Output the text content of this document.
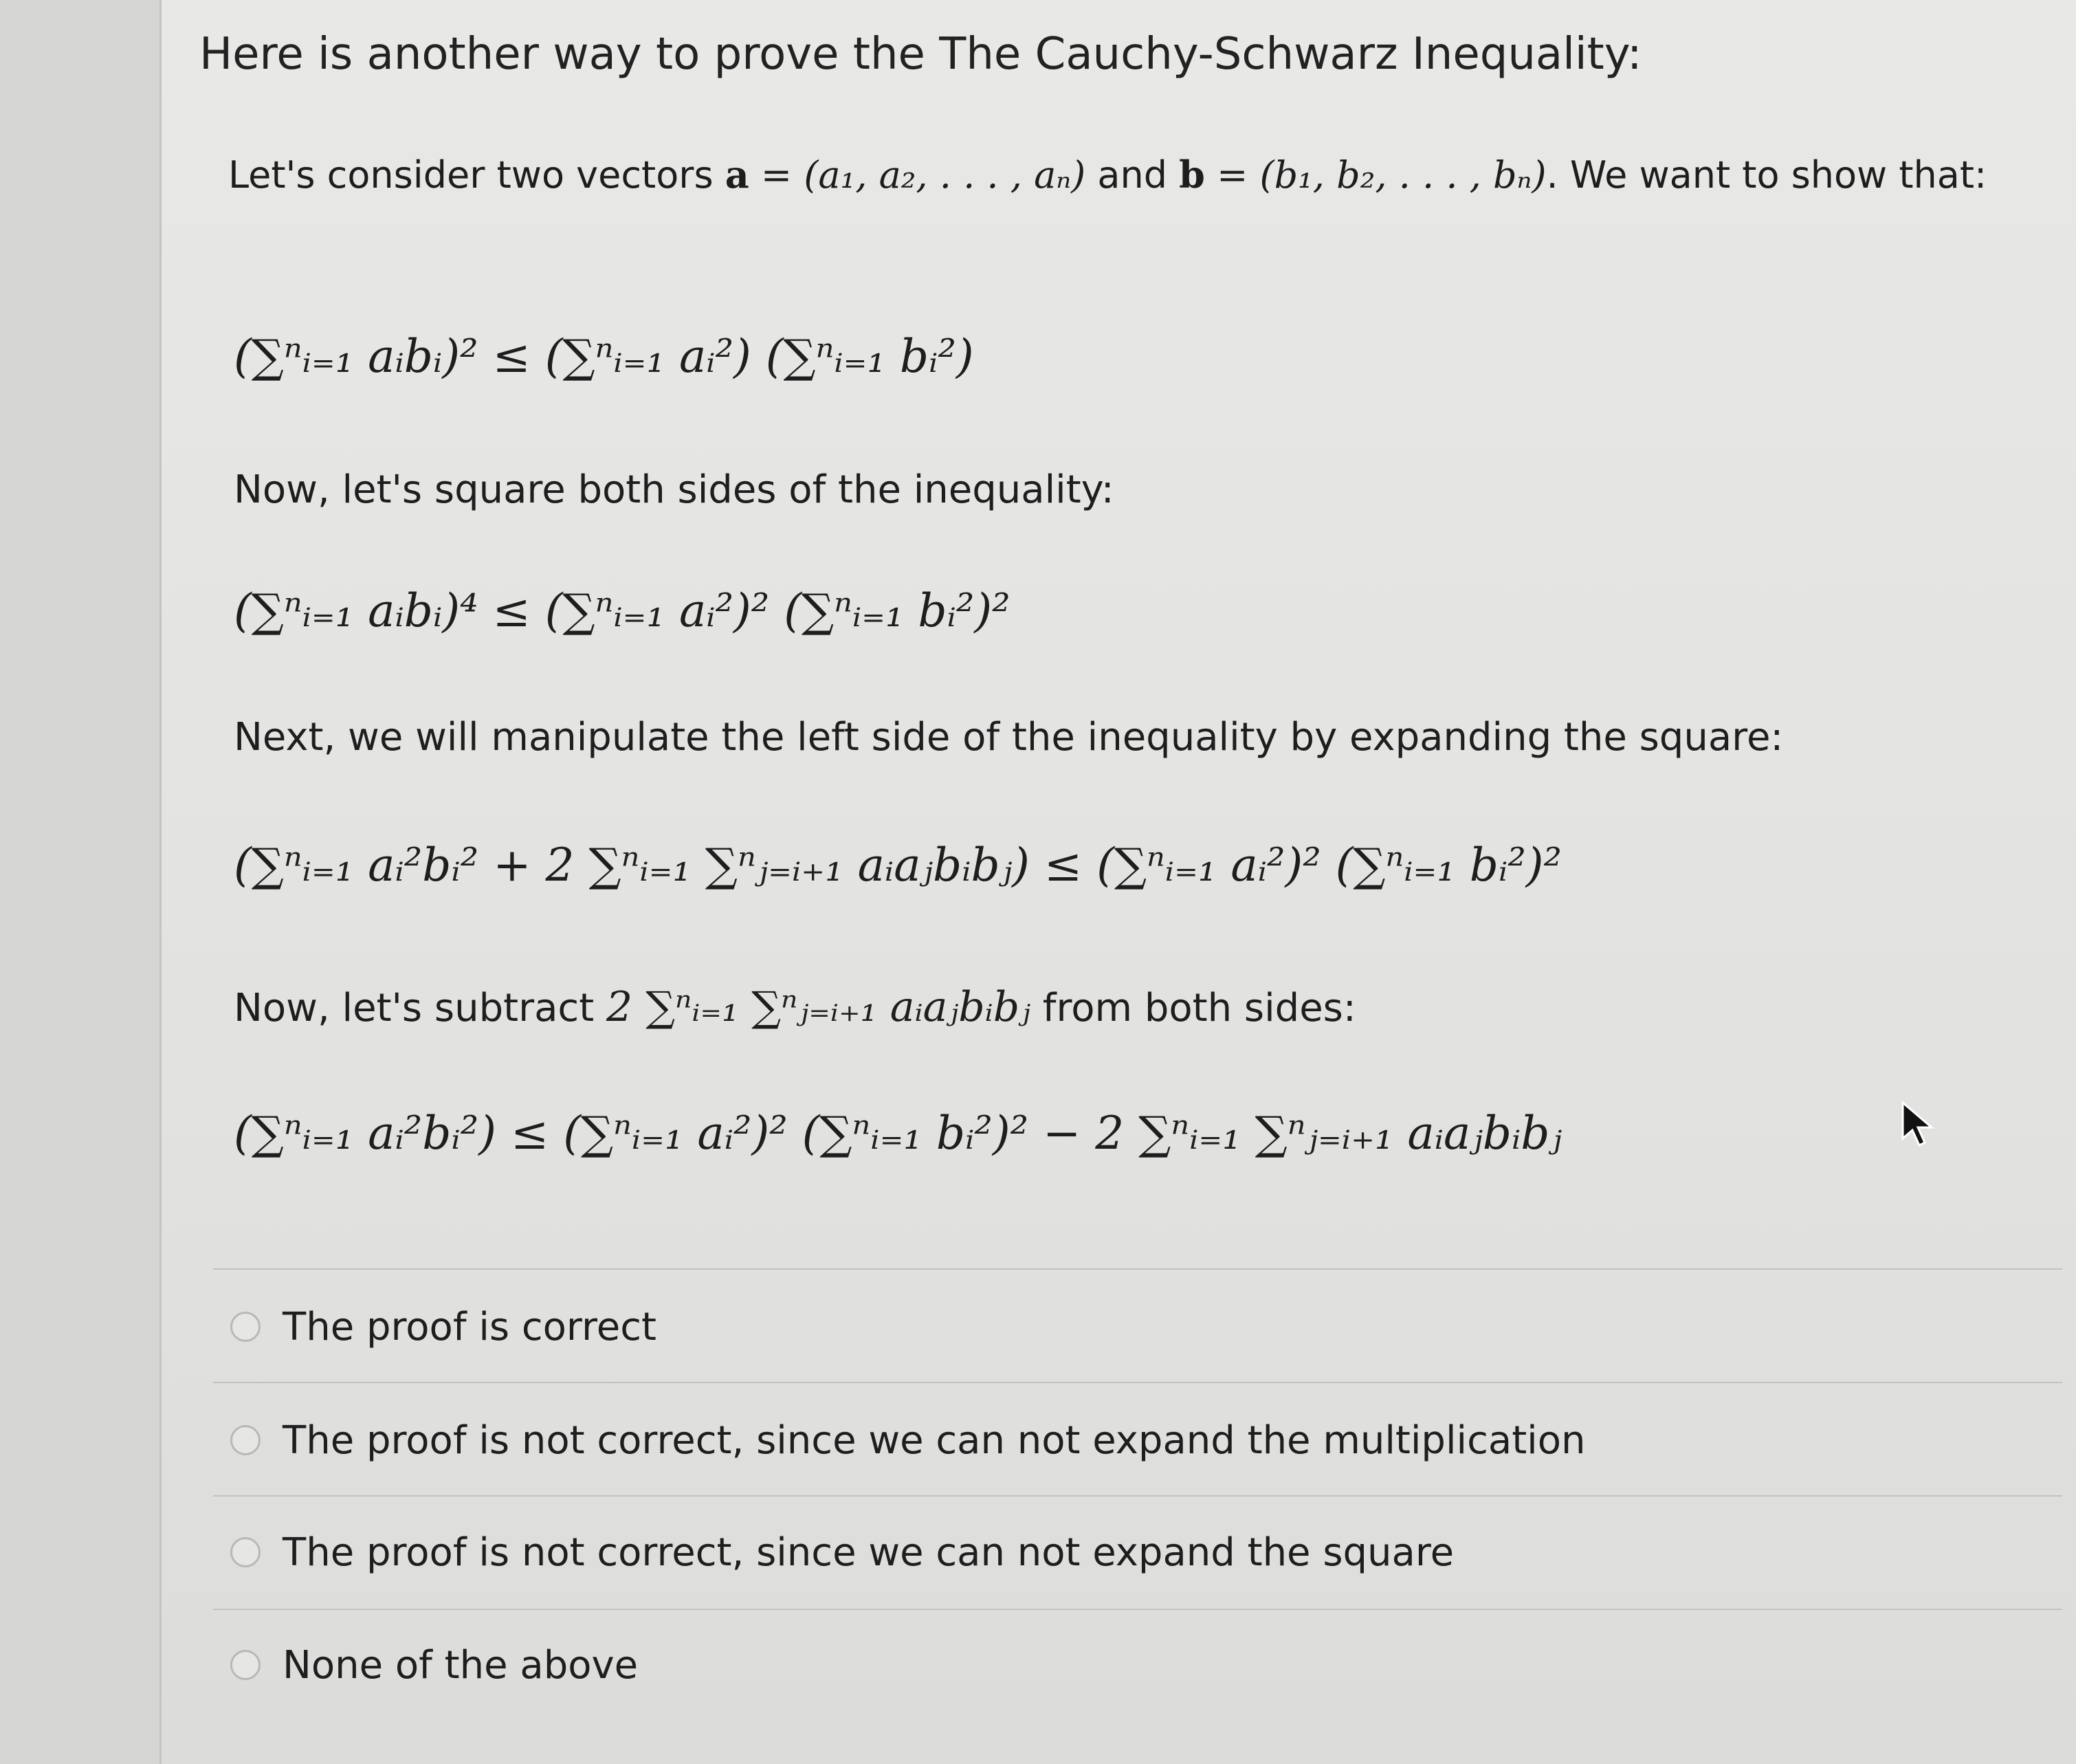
Here is another way to prove the The Cauchy-Schwarz Inequality:
Let's consider two vectors a = (a₁, a₂, . . . , aₙ) and b = (b₁, b₂, . . . , bₙ). We want to show that:
(∑ⁿᵢ₌₁ aᵢbᵢ)² ≤ (∑ⁿᵢ₌₁ aᵢ²) (∑ⁿᵢ₌₁ bᵢ²)
Now, let's square both sides of the inequality:
(∑ⁿᵢ₌₁ aᵢbᵢ)⁴ ≤ (∑ⁿᵢ₌₁ aᵢ²)² (∑ⁿᵢ₌₁ bᵢ²)²
Next, we will manipulate the left side of the inequality by expanding the square:
(∑ⁿᵢ₌₁ aᵢ²bᵢ² + 2 ∑ⁿᵢ₌₁ ∑ⁿⱼ₌ᵢ₊₁ aᵢaⱼbᵢbⱼ) ≤ (∑ⁿᵢ₌₁ aᵢ²)² (∑ⁿᵢ₌₁ bᵢ²)²
Now, let's subtract 2 ∑ⁿᵢ₌₁ ∑ⁿⱼ₌ᵢ₊₁ aᵢaⱼbᵢbⱼ from both sides:
(∑ⁿᵢ₌₁ aᵢ²bᵢ²) ≤ (∑ⁿᵢ₌₁ aᵢ²)² (∑ⁿᵢ₌₁ bᵢ²)² − 2 ∑ⁿᵢ₌₁ ∑ⁿⱼ₌ᵢ₊₁ aᵢaⱼbᵢbⱼ
The proof is correct
The proof is not correct, since we can not expand the multiplication
The proof is not correct, since we can not expand the square
None of the above
